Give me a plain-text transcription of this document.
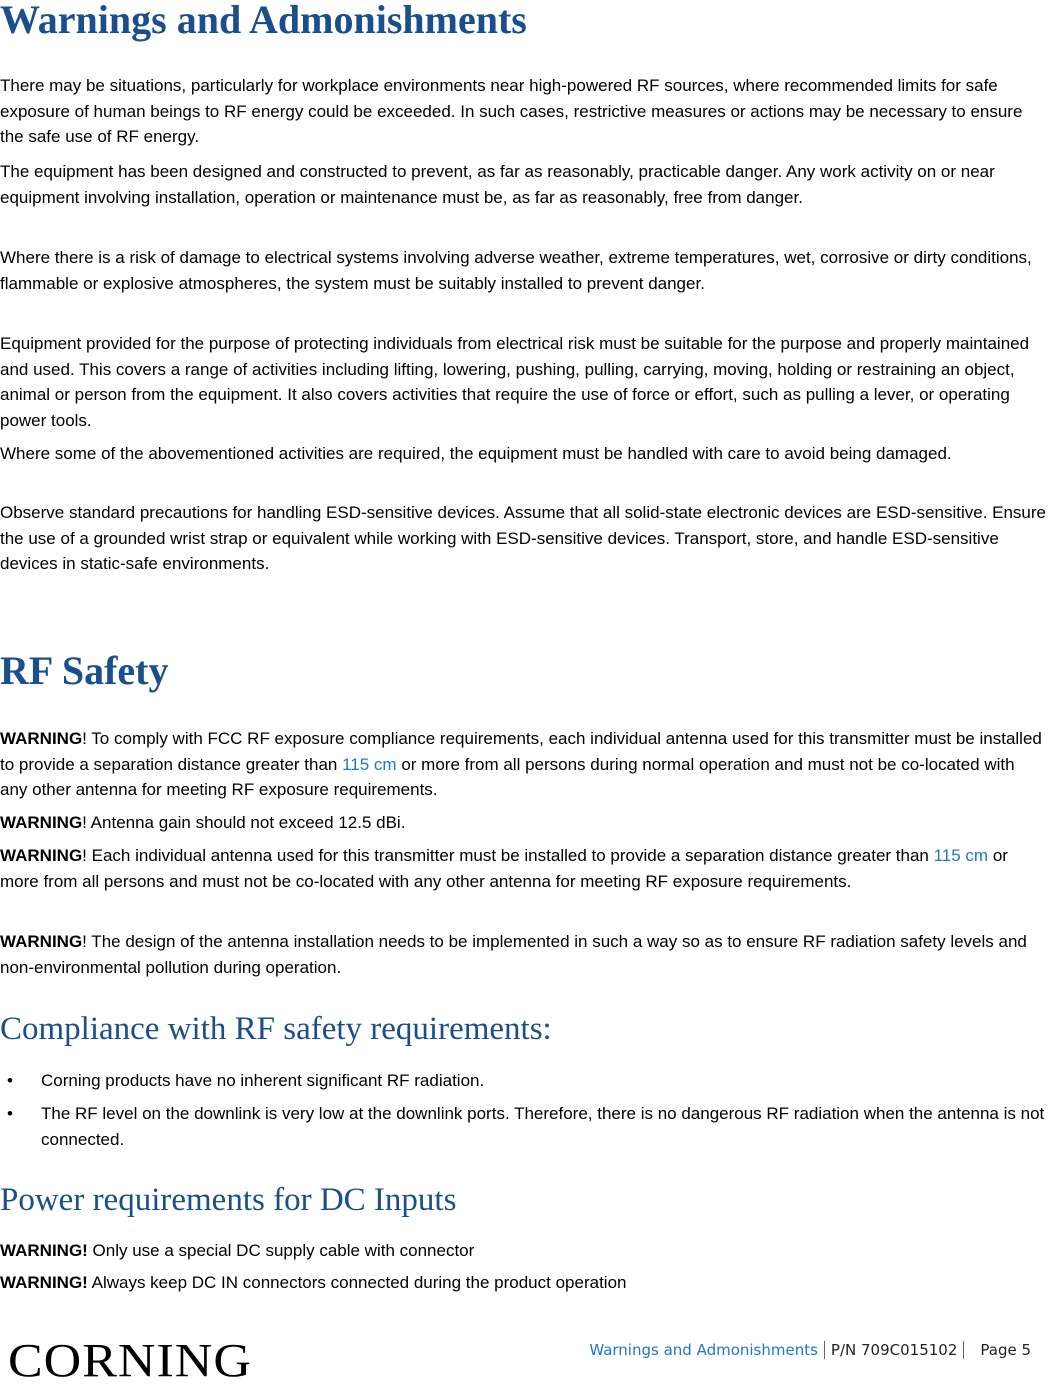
Warnings and Admonishments

There may be situations, particularly for workplace environments near high-powered RF sources, where recommended limits for safe exposure of human beings to RF energy could be exceeded. In such cases, restrictive measures or actions may be necessary to ensure the safe use of RF energy.

The equipment has been designed and constructed to prevent, as far as reasonably, practicable danger. Any work activity on or near equipment involving installation, operation or maintenance must be, as far as reasonably, free from danger.

Where there is a risk of damage to electrical systems involving adverse weather, extreme temperatures, wet, corrosive or dirty conditions, flammable or explosive atmospheres, the system must be suitably installed to prevent danger.

Equipment provided for the purpose of protecting individuals from electrical risk must be suitable for the purpose and properly maintained and used. This covers a range of activities including lifting, lowering, pushing, pulling, carrying, moving, holding or restraining an object, animal or person from the equipment. It also covers activities that require the use of force or effort, such as pulling a lever, or operating power tools.

Where some of the abovementioned activities are required, the equipment must be handled with care to avoid being damaged.

Observe standard precautions for handling ESD-sensitive devices. Assume that all solid-state electronic devices are ESD-sensitive. Ensure the use of a grounded wrist strap or equivalent while working with ESD-sensitive devices. Transport, store, and handle ESD-sensitive devices in static-safe environments.

RF Safety

WARNING! To comply with FCC RF exposure compliance requirements, each individual antenna used for this transmitter must be installed to provide a separation distance greater than 115 cm or more from all persons during normal operation and must not be co-located with any other antenna for meeting RF exposure requirements.

WARNING! Antenna gain should not exceed 12.5 dBi.

WARNING! Each individual antenna used for this transmitter must be installed to provide a separation distance greater than 115 cm or more from all persons and must not be co-located with any other antenna for meeting RF exposure requirements.

WARNING! The design of the antenna installation needs to be implemented in such a way so as to ensure RF radiation safety levels and non-environmental pollution during operation.

Compliance with RF safety requirements:
• Corning products have no inherent significant RF radiation.

• The RF level on the downlink is very low at the downlink ports. Therefore, there is no dangerous RF radiation when the antenna is not connected.

Power requirements for DC Inputs

WARNING! Only use a special DC supply cable with connector

WARNING! Always keep DC IN connectors connected during the product operation

CORNING	Warnings and Admonishments P/N 709C015102 Page 5
